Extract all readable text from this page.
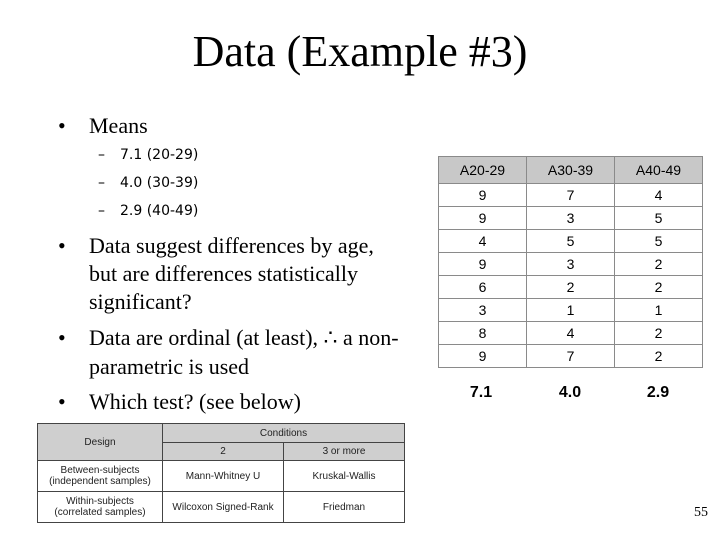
Data (Example #3)
• Means
– 7.1 (20-29)
– 4.0 (30-39)
– 2.9 (40-49)
• Data suggest differences by age,
but are differences statistically
significant?
• Data are ordinal (at least), ∴ a non-
parametric is used
• Which test? (see below)
A20-29	A30-39	A40-49
9	7	4
9	3	5
4	5	5
9	3	2
6	2	2
3	1	1
8	4	2
9	7	2
7.1	4.0	2.9
Design	Conditions	
	2	3 or more

Between-subjects
(independent samples)	Mann-Whitney U	Kruskal-Wallis

Within-subjects
(correlated samples)	Wilcoxon Signed-Rank	Friedman	55
